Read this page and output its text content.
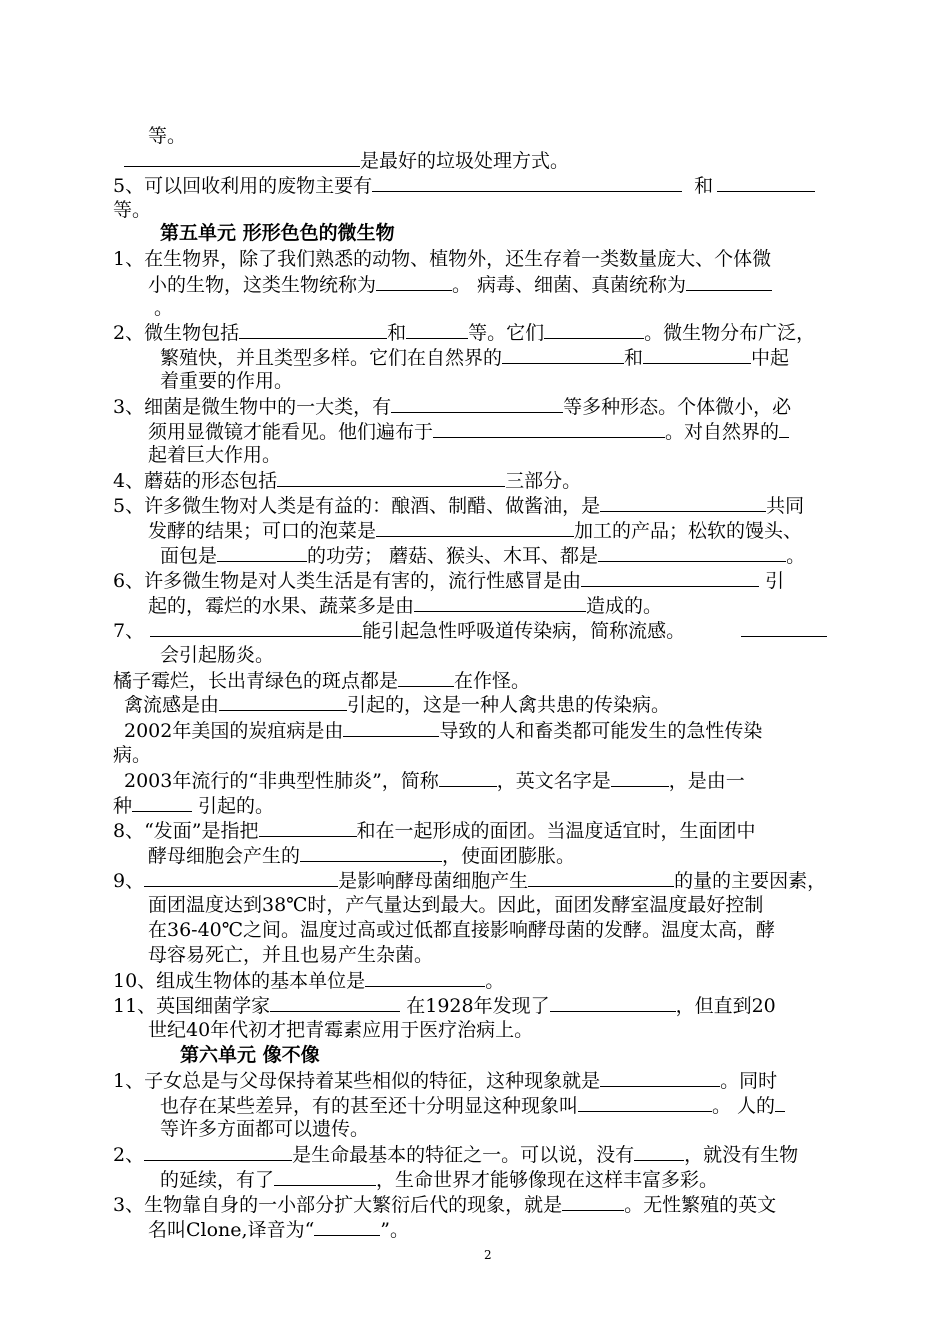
等。
是最好的垃圾处理方式。
5、可以回收利用的废物主要有	和
等。
第五单元 形形色色的微生物
1、在生物界，除了我们熟悉的动物、植物外，还生存着一类数量庞大、个体微
小的生物，这类生物统称为	。 病毒、细菌、真菌统称为
。
2、微生物包括	和	等。它们	。微生物分布广泛，
繁殖快，并且类型多样。它们在自然界的	和	中起
着重要的作用。
3、细菌是微生物中的一大类，有	等多种形态。个体微小，必
须用显微镜才能看见。他们遍布于	。对自然界的
起着巨大作用。
4、蘑菇的形态包括	三部分。
5、许多微生物对人类是有益的：酿酒、制醋、做酱油，是	共同
发酵的结果；可口的泡菜是	加工的产品；松软的馒头、
面包是	的功劳； 蘑菇、猴头、木耳、都是	。
6、许多微生物是对人类生活是有害的，流行性感冒是由	引
起的，霉烂的水果、蔬菜多是由	造成的。
7、	能引起急性呼吸道传染病，简称流感。
会引起肠炎。
橘子霉烂，长出青绿色的斑点都是	在作怪。
禽流感是由	引起的，这是一种人禽共患的传染病。
2002年美国的炭疽病是由	导致的人和畜类都可能发生的急性传染
病。
2003年流行的“非典型性肺炎”，简称	，英文名字是	，是由一
种	引起的。
8、“发面”是指把	和在一起形成的面团。当温度适宜时，生面团中
酵母细胞会产生的	，使面团膨胀。
9、	是影响酵母菌细胞产生	的量的主要因素，
面团温度达到38℃时，产气量达到最大。因此，面团发酵室温度最好控制
在36-40℃之间。温度过高或过低都直接影响酵母菌的发酵。温度太高，酵
母容易死亡，并且也易产生杂菌。
10、组成生物体的基本单位是	。
11、英国细菌学家	在1928年发现了	，但直到20
世纪40年代初才把青霉素应用于医疗治病上。
第六单元 像不像
1、子女总是与父母保持着某些相似的特征，这种现象就是	。同时
也存在某些差异，有的甚至还十分明显这种现象叫	。 人的
等许多方面都可以遗传。
2、	是生命最基本的特征之一。可以说，没有	，就没有生物
的延续，有了	，生命世界才能够像现在这样丰富多彩。
3、生物靠自身的一小部分扩大繁衍后代的现象，就是	。无性繁殖的英文
名叫Clone,译音为“	”。
2
